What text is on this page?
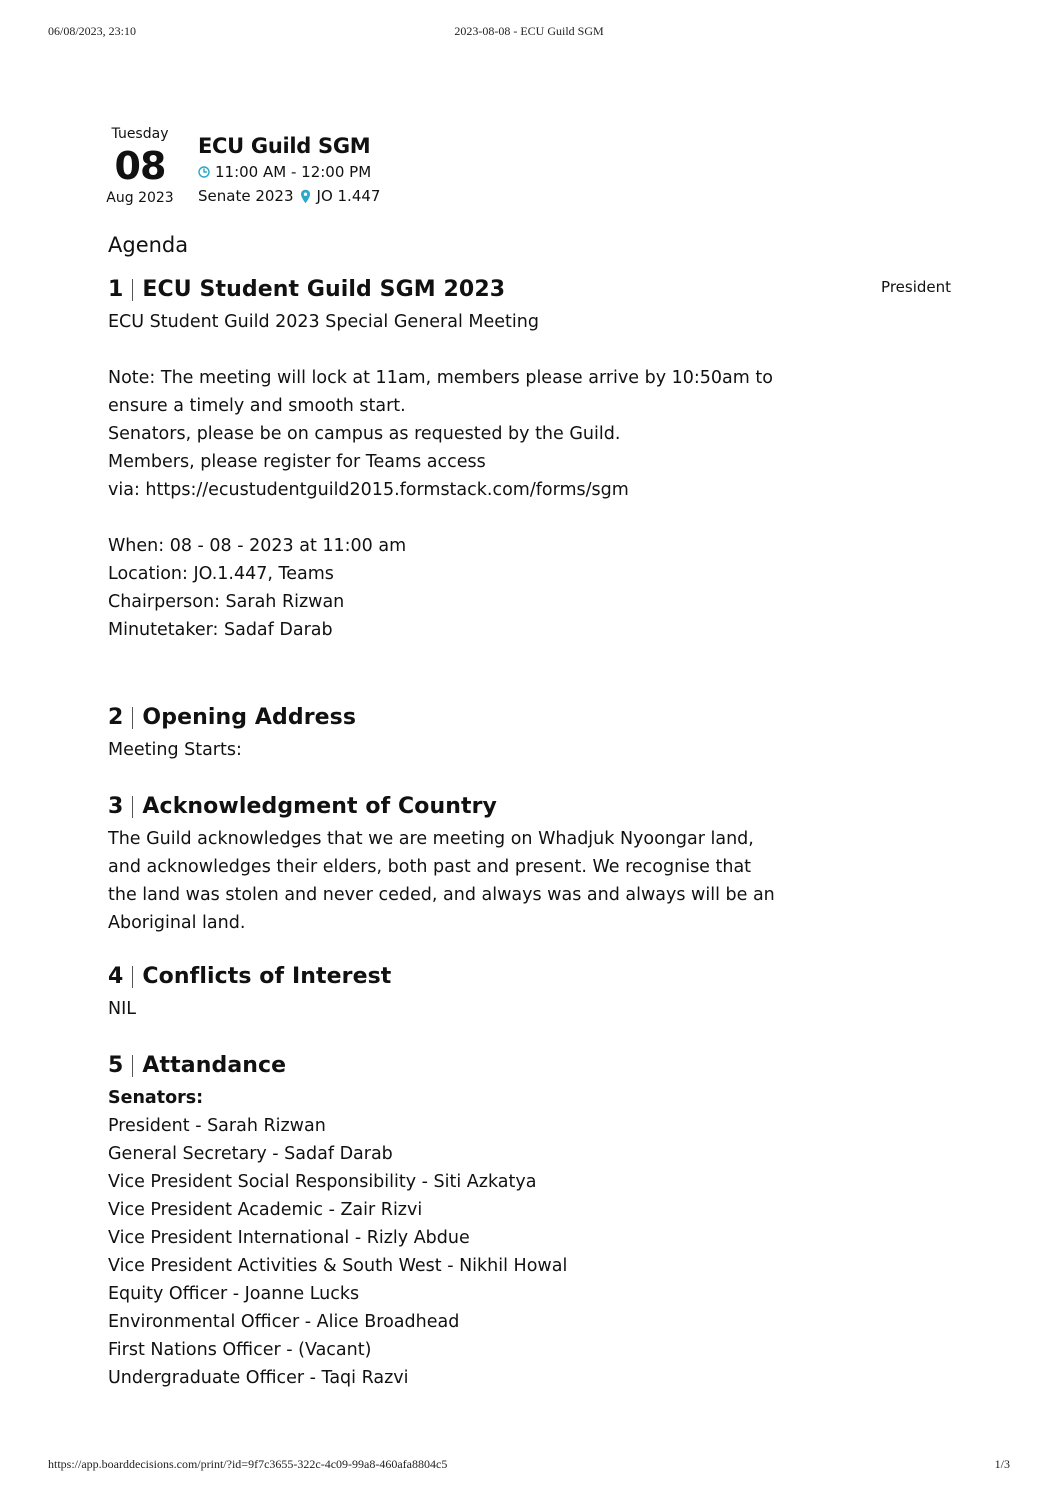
06/08/2023, 23:10	2023-08-08 - ECU Guild SGM
Tuesday
08
Aug 2023
ECU Guild SGM
11:00 AM - 12:00 PM
Senate 2023 JO 1.447
Agenda
1 ECU Student Guild SGM 2023	President

ECU Student Guild 2023 Special General Meeting

Note: The meeting will lock at 11am, members please arrive by 10:50am to

ensure a timely and smooth start.

Senators, please be on campus as requested by the Guild.

Members, please register for Teams access

via: https://ecustudentguild2015.formstack.com/forms/sgm

When: 08 - 08 - 2023 at 11:00 am

Location: JO.1.447, Teams

Chairperson: Sarah Rizwan

Minutetaker: Sadaf Darab

2 Opening Address

Meeting Starts:

3 Acknowledgment of Country

The Guild acknowledges that we are meeting on Whadjuk Nyoongar land,

and acknowledges their elders, both past and present. We recognise that

the land was stolen and never ceded, and always was and always will be an

Aboriginal land.

4 Conflicts of Interest

NIL

5 Attandance

Senators:

President - Sarah Rizwan

General Secretary - Sadaf Darab

Vice President Social Responsibility - Siti Azkatya

Vice President Academic - Zair Rizvi

Vice President International - Rizly Abdue

Vice President Activities & South West - Nikhil Howal

Equity Officer - Joanne Lucks

Environmental Officer - Alice Broadhead

First Nations Officer - (Vacant)

Undergraduate Officer - Taqi Razvi

https://app.boarddecisions.com/print/?id=9f7c3655-322c-4c09-99a8-460afa8804c5	1/3
